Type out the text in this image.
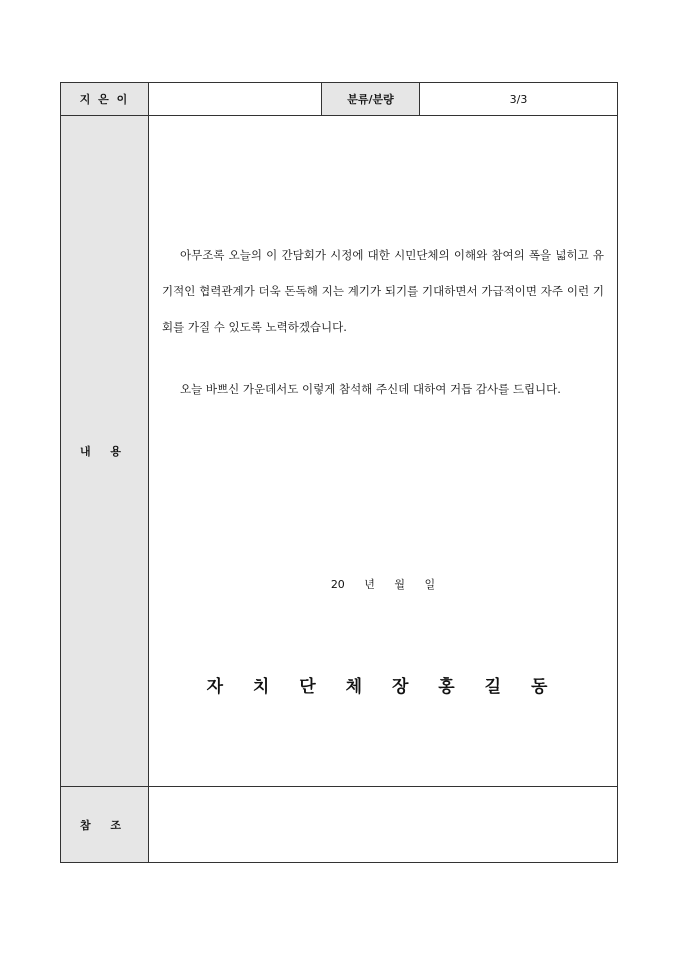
지 은 이		분류/분량	3/3
내 용	아무조록 오늘의 이 간담회가 시정에 대한 시민단체의 이해와 참여의 폭을 넓히고 유기적인 협력관계가 더욱 돈독해 지는 계기가 되기를 기대하면서 가급적이면 자주 이런 기회를 가질 수 있도록 노력하겠습니다.

오늘 바쁘신 가운데서도 이렇게 참석해 주신데 대하여 거듭 감사를 드립니다.

20 년 월 일
자 치 단 체 장 홍 길 동		

참 조			
